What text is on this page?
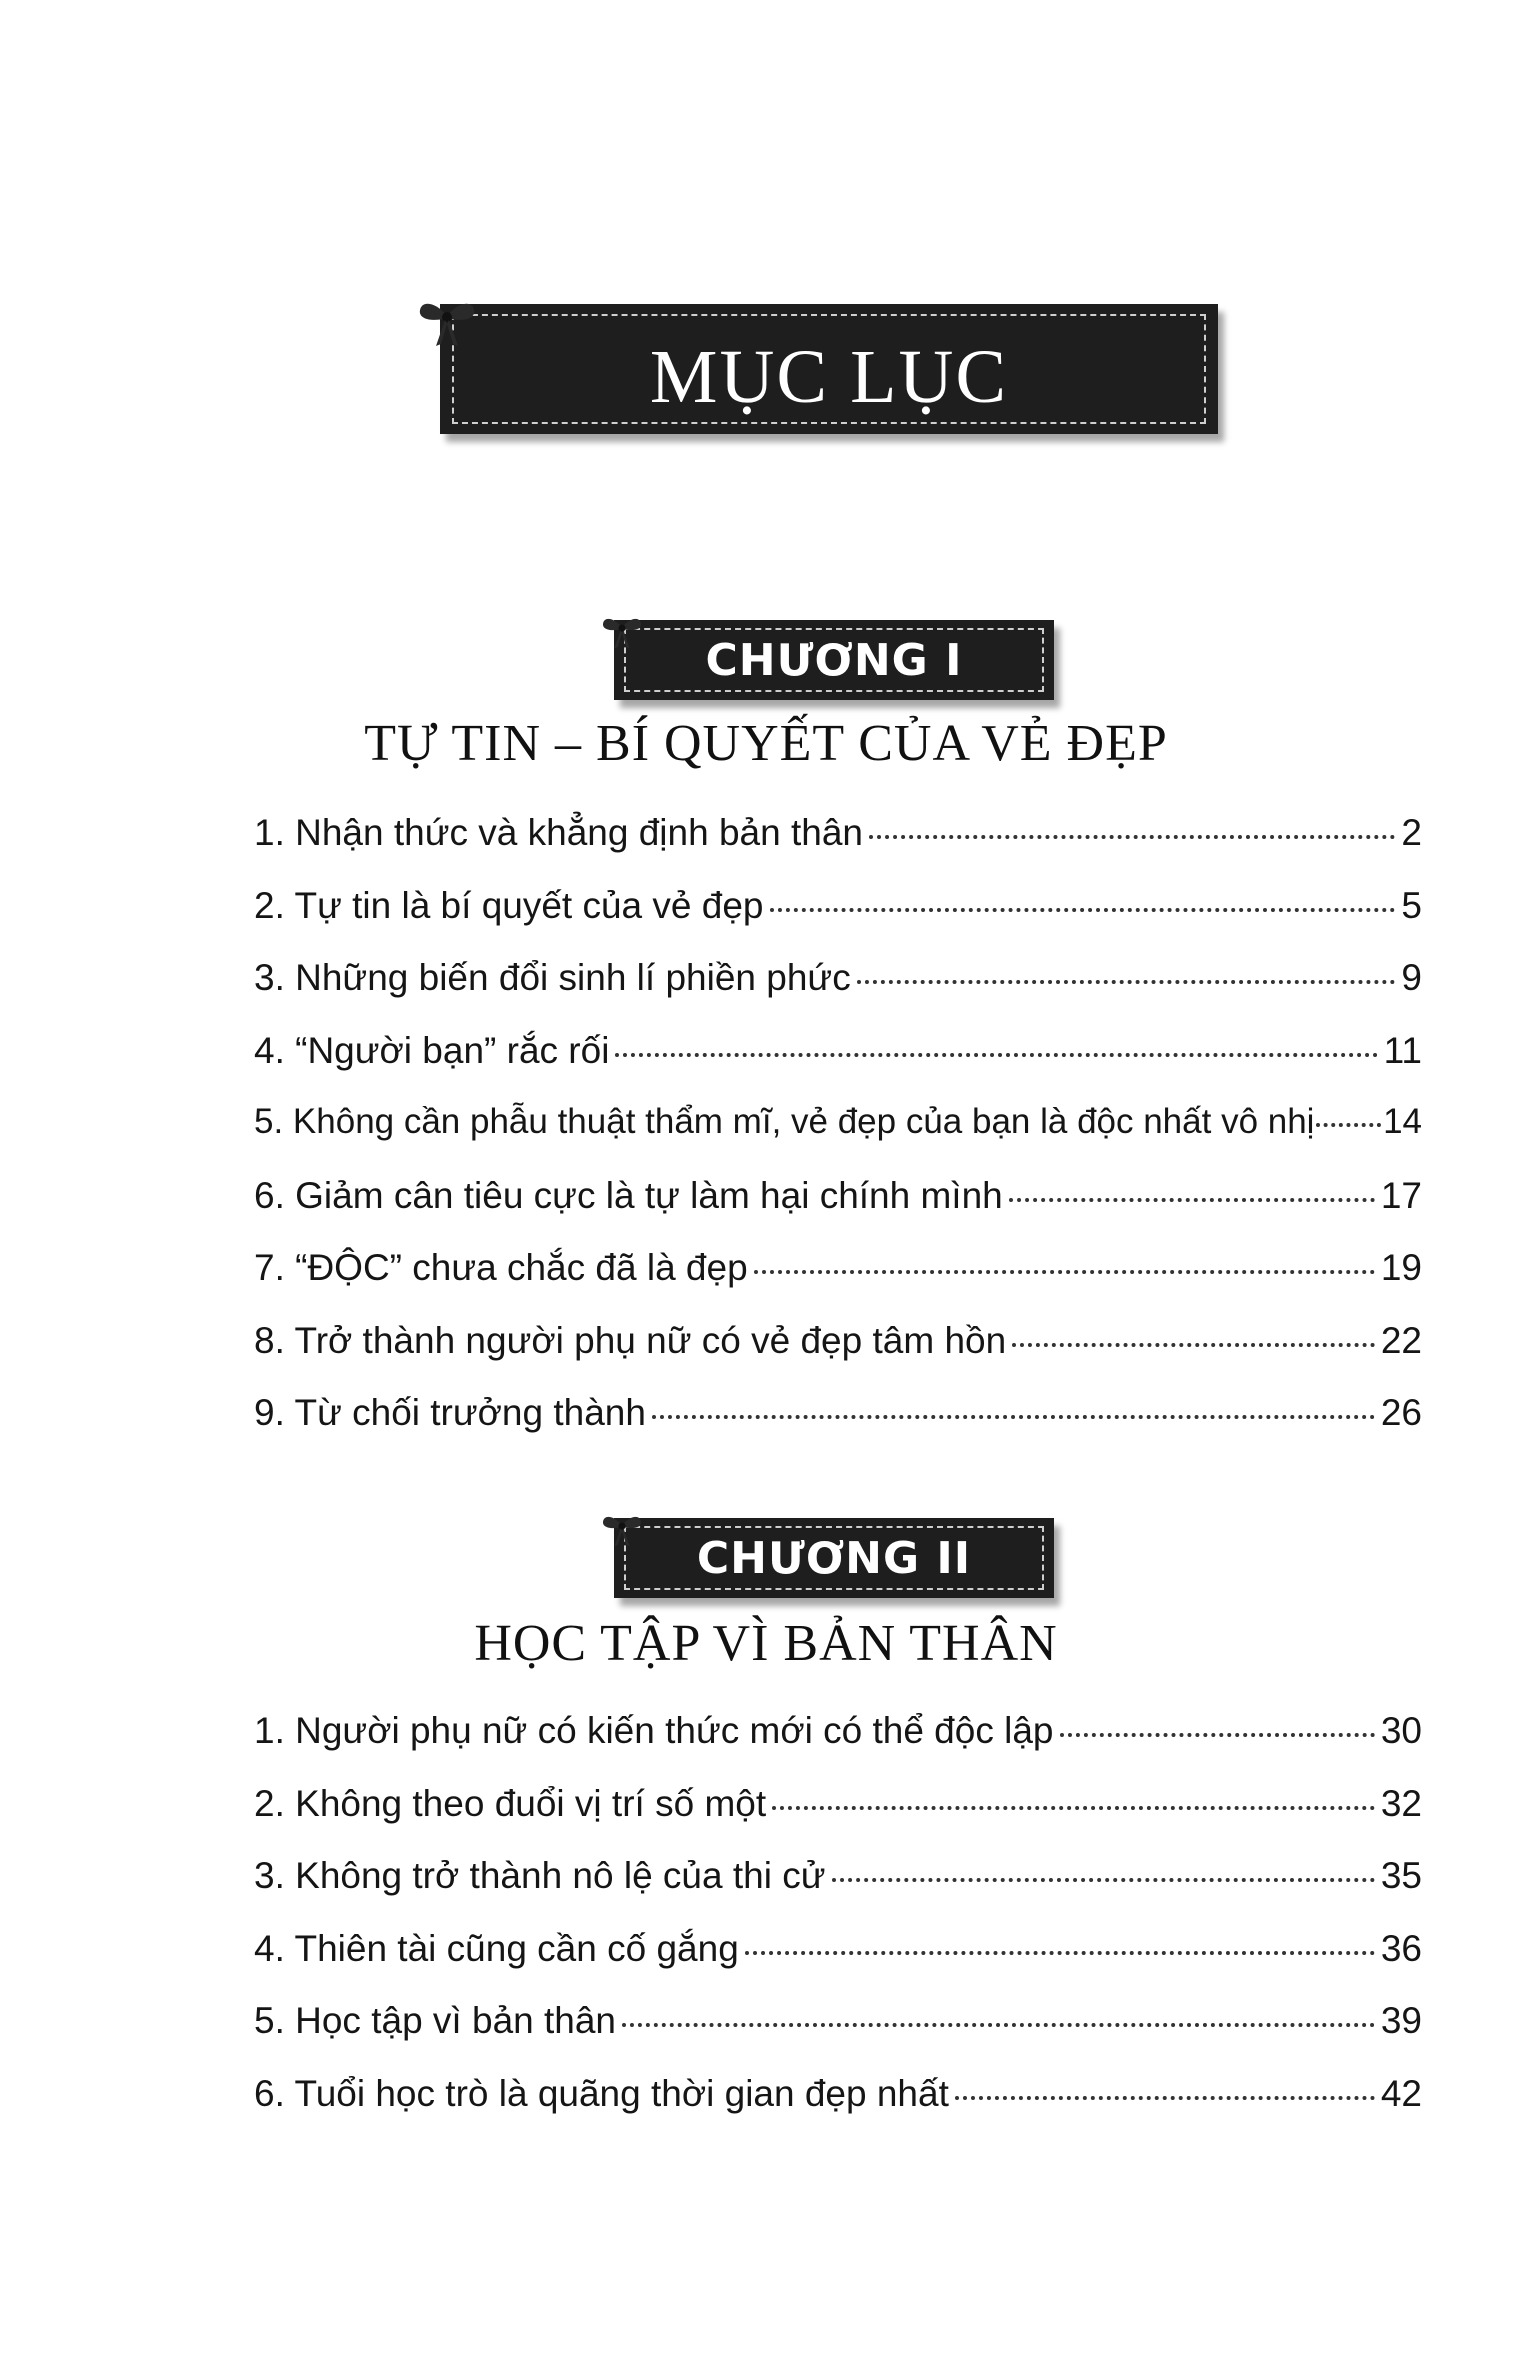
MỤC LỤC
CHƯƠNG I
TỰ TIN – BÍ QUYẾT CỦA VẺ ĐẸP
1. Nhận thức và khẳng định bản thân	2
2. Tự tin là bí quyết của vẻ đẹp	5
3. Những biến đổi sinh lí phiền phức	9
4. “Người bạn” rắc rối	11
5. Không cần phẫu thuật thẩm mĩ, vẻ đẹp của bạn là độc nhất vô nhị 14
6. Giảm cân tiêu cực là tự làm hại chính mình	17
7. “ĐỘC” chưa chắc đã là đẹp	19
8. Trở thành người phụ nữ có vẻ đẹp tâm hồn	22
9. Từ chối trưởng thành	26
CHƯƠNG II
HỌC TẬP VÌ BẢN THÂN
1. Người phụ nữ có kiến thức mới có thể độc lập	30
2. Không theo đuổi vị trí số một	32
3. Không trở thành nô lệ của thi cử	35
4. Thiên tài cũng cần cố gắng	36
5. Học tập vì bản thân	39
6. Tuổi học trò là quãng thời gian đẹp nhất	42
